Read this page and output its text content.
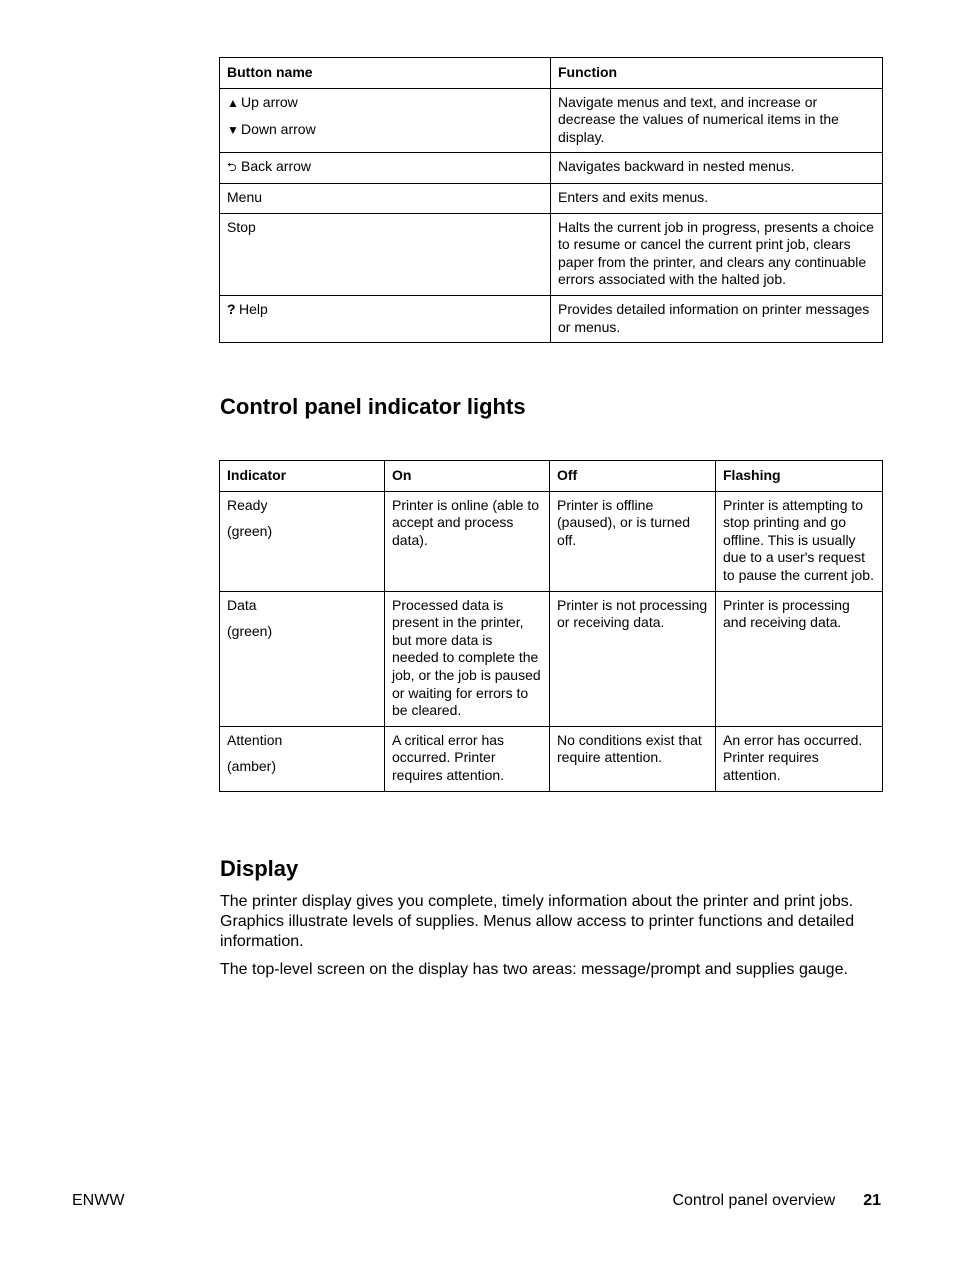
Button name	Function
▲ Up arrow
▼ Down arrow	Navigate menus and text, and increase or decrease the values of numerical items in the display.
⮌ Back arrow	Navigates backward in nested menus.
Menu	Enters and exits menus.
Stop	Halts the current job in progress, presents a choice to resume or cancel the current print job, clears paper from the printer, and clears any continuable errors associated with the halted job.
? Help	Provides detailed information on printer messages or menus.
Control panel indicator lights
Indicator	On	Off	Flashing
Ready
(green)	Printer is online (able to accept and process data).	Printer is offline (paused), or is turned off.	Printer is attempting to stop printing and go offline. This is usually due to a user's request to pause the current job.
Data
(green)	Processed data is present in the printer, but more data is needed to complete the job, or the job is paused or waiting for errors to be cleared.	Printer is not processing or receiving data.	Printer is processing and receiving data.
Attention
(amber)	A critical error has occurred. Printer requires attention.	No conditions exist that require attention.	An error has occurred. Printer requires attention.
Display

The printer display gives you complete, timely information about the printer and print jobs. Graphics illustrate levels of supplies. Menus allow access to printer functions and detailed information.

The top-level screen on the display has two areas: message/prompt and supplies gauge.

ENWW	Control panel overview 21
